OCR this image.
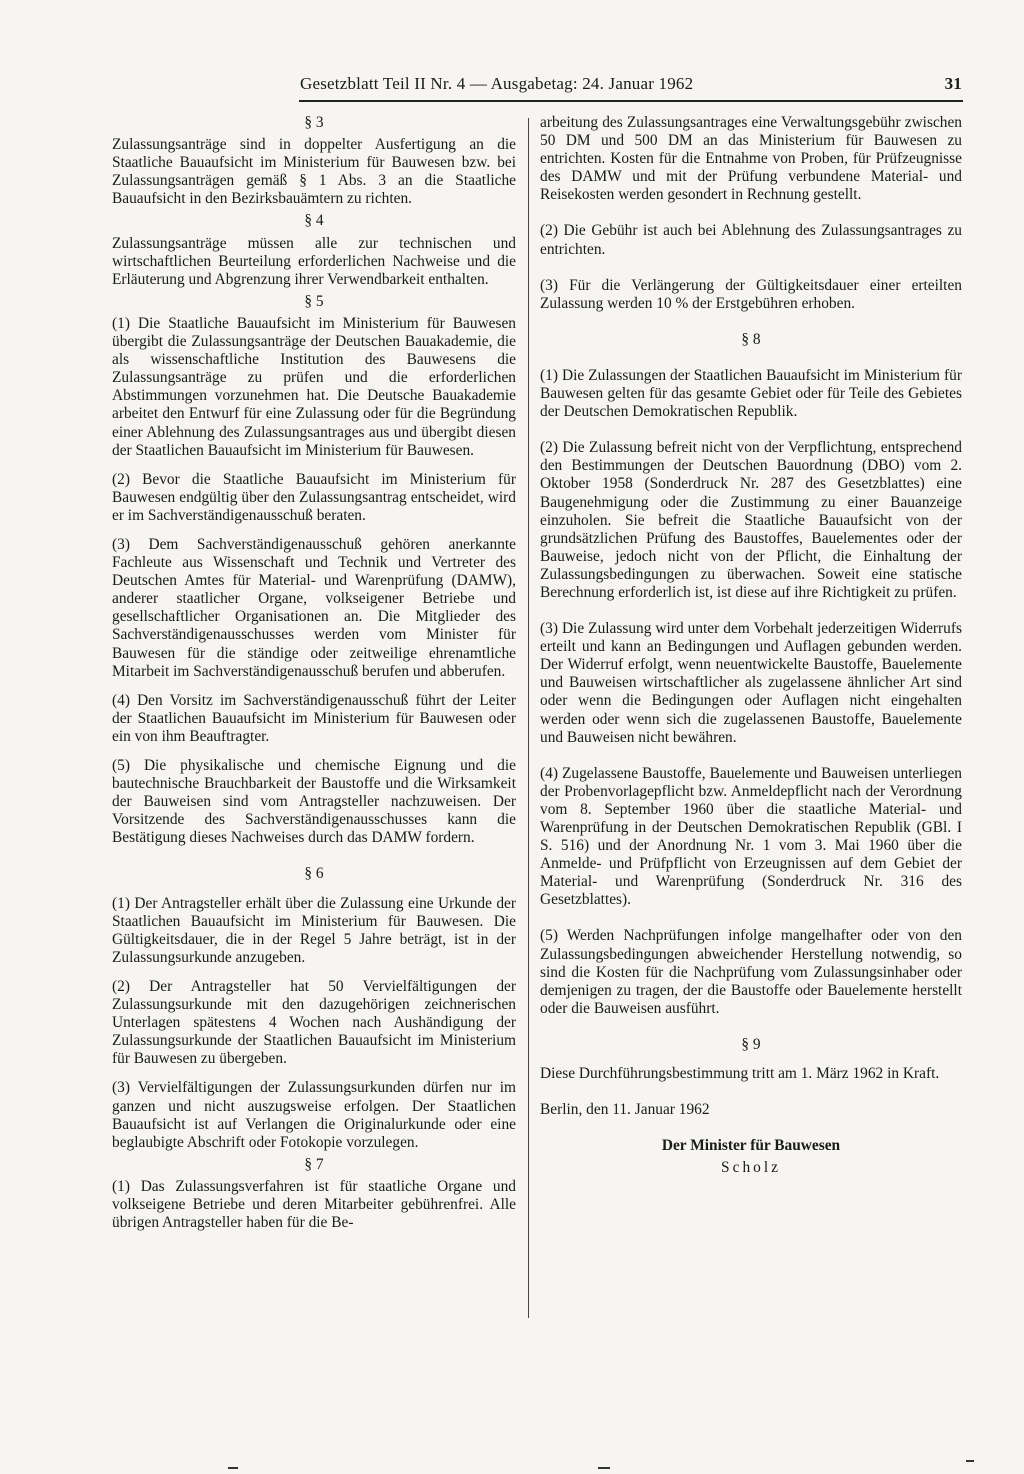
Gesetzblatt Teil II Nr. 4 — Ausgabetag: 24. Januar 1962	31
§ 3

Zulassungsanträge sind in doppelter Ausfertigung an die Staatliche Bauaufsicht im Ministerium für Bauwesen bzw. bei Zulassungsanträgen gemäß § 1 Abs. 3 an die Staatliche Bauaufsicht in den Bezirksbauämtern zu richten.

§ 4

Zulassungsanträge müssen alle zur technischen und wirtschaftlichen Beurteilung erforderlichen Nachweise und die Erläuterung und Abgrenzung ihrer Verwendbarkeit enthalten.

§ 5

(1) Die Staatliche Bauaufsicht im Ministerium für Bauwesen übergibt die Zulassungsanträge der Deutschen Bauakademie, die als wissenschaftliche Institution des Bauwesens die Zulassungsanträge zu prüfen und die erforderlichen Abstimmungen vorzunehmen hat. Die Deutsche Bauakademie arbeitet den Entwurf für eine Zulassung oder für die Begründung einer Ablehnung des Zulassungsantrages aus und übergibt diesen der Staatlichen Bauaufsicht im Ministerium für Bauwesen.

(2) Bevor die Staatliche Bauaufsicht im Ministerium für Bauwesen endgültig über den Zulassungsantrag entscheidet, wird er im Sachverständigenausschuß beraten.

(3) Dem Sachverständigenausschuß gehören anerkannte Fachleute aus Wissenschaft und Technik und Vertreter des Deutschen Amtes für Material- und Warenprüfung (DAMW), anderer staatlicher Organe, volkseigener Betriebe und gesellschaftlicher Organisationen an. Die Mitglieder des Sachverständigenausschusses werden vom Minister für Bauwesen für die ständige oder zeitweilige ehrenamtliche Mitarbeit im Sachverständigenausschuß berufen und abberufen.

(4) Den Vorsitz im Sachverständigenausschuß führt der Leiter der Staatlichen Bauaufsicht im Ministerium für Bauwesen oder ein von ihm Beauftragter.

(5) Die physikalische und chemische Eignung und die bautechnische Brauchbarkeit der Baustoffe und die Wirksamkeit der Bauweisen sind vom Antragsteller nachzuweisen. Der Vorsitzende des Sachverständigenausschusses kann die Bestätigung dieses Nachweises durch das DAMW fordern.

§ 6

(1) Der Antragsteller erhält über die Zulassung eine Urkunde der Staatlichen Bauaufsicht im Ministerium für Bauwesen. Die Gültigkeitsdauer, die in der Regel 5 Jahre beträgt, ist in der Zulassungsurkunde anzugeben.

(2) Der Antragsteller hat 50 Vervielfältigungen der Zulassungsurkunde mit den dazugehörigen zeichnerischen Unterlagen spätestens 4 Wochen nach Aushändigung der Zulassungsurkunde der Staatlichen Bauaufsicht im Ministerium für Bauwesen zu übergeben.

(3) Vervielfältigungen der Zulassungsurkunden dürfen nur im ganzen und nicht auszugsweise erfolgen. Der Staatlichen Bauaufsicht ist auf Verlangen die Originalurkunde oder eine beglaubigte Abschrift oder Fotokopie vorzulegen.

§ 7

(1) Das Zulassungsverfahren ist für staatliche Organe und volkseigene Betriebe und deren Mitarbeiter gebührenfrei. Alle übrigen Antragsteller haben für die Be-

arbeitung des Zulassungsantrages eine Verwaltungsgebühr zwischen 50 DM und 500 DM an das Ministerium für Bauwesen zu entrichten. Kosten für die Entnahme von Proben, für Prüfzeugnisse des DAMW und mit der Prüfung verbundene Material- und Reisekosten werden gesondert in Rechnung gestellt.

(2) Die Gebühr ist auch bei Ablehnung des Zulassungsantrages zu entrichten.

(3) Für die Verlängerung der Gültigkeitsdauer einer erteilten Zulassung werden 10 % der Erstgebühren erhoben.

§ 8

(1) Die Zulassungen der Staatlichen Bauaufsicht im Ministerium für Bauwesen gelten für das gesamte Gebiet oder für Teile des Gebietes der Deutschen Demokratischen Republik.

(2) Die Zulassung befreit nicht von der Verpflichtung, entsprechend den Bestimmungen der Deutschen Bauordnung (DBO) vom 2. Oktober 1958 (Sonderdruck Nr. 287 des Gesetzblattes) eine Baugenehmigung oder die Zustimmung zu einer Bauanzeige einzuholen. Sie befreit die Staatliche Bauaufsicht von der grundsätzlichen Prüfung des Baustoffes, Bauelementes oder der Bauweise, jedoch nicht von der Pflicht, die Einhaltung der Zulassungsbedingungen zu überwachen. Soweit eine statische Berechnung erforderlich ist, ist diese auf ihre Richtigkeit zu prüfen.

(3) Die Zulassung wird unter dem Vorbehalt jederzeitigen Widerrufs erteilt und kann an Bedingungen und Auflagen gebunden werden. Der Widerruf erfolgt, wenn neuentwickelte Baustoffe, Bauelemente und Bauweisen wirtschaftlicher als zugelassene ähnlicher Art sind oder wenn die Bedingungen oder Auflagen nicht eingehalten werden oder wenn sich die zugelassenen Baustoffe, Bauelemente und Bauweisen nicht bewähren.

(4) Zugelassene Baustoffe, Bauelemente und Bauweisen unterliegen der Probenvorlagepflicht bzw. Anmeldepflicht nach der Verordnung vom 8. September 1960 über die staatliche Material- und Warenprüfung in der Deutschen Demokratischen Republik (GBl. I S. 516) und der Anordnung Nr. 1 vom 3. Mai 1960 über die Anmelde- und Prüfpflicht von Erzeugnissen auf dem Gebiet der Material- und Warenprüfung (Sonderdruck Nr. 316 des Gesetzblattes).

(5) Werden Nachprüfungen infolge mangelhafter oder von den Zulassungsbedingungen abweichender Herstellung notwendig, so sind die Kosten für die Nachprüfung vom Zulassungsinhaber oder demjenigen zu tragen, der die Baustoffe oder Bauelemente herstellt oder die Bauweisen ausführt.

§ 9

Diese Durchführungsbestimmung tritt am 1. März 1962 in Kraft.

Berlin, den 11. Januar 1962

Der Minister für Bauwesen
Scholz
